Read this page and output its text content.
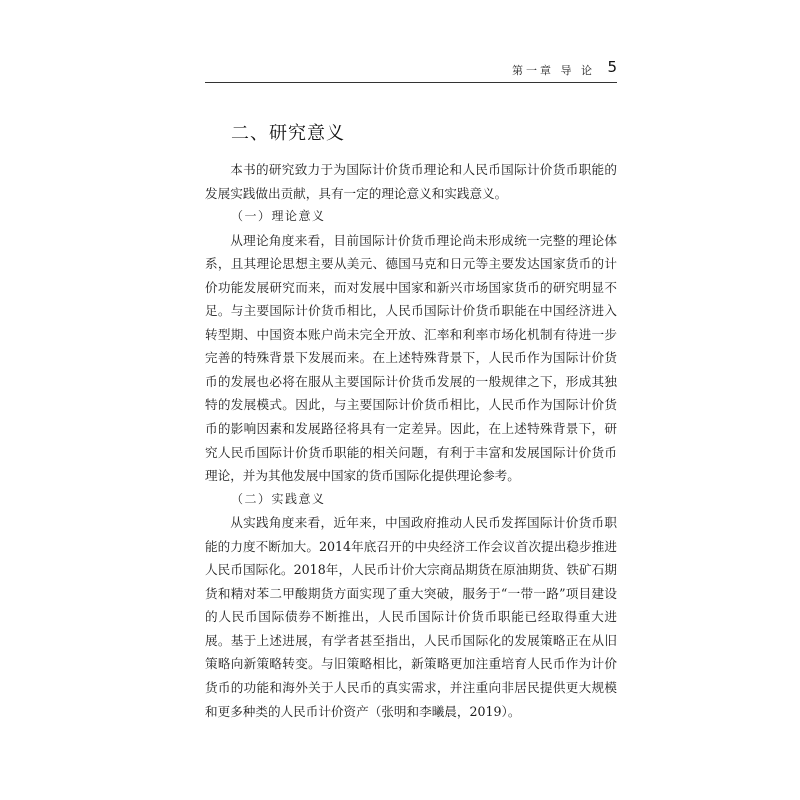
第一章 导 论 5
二、研究意义

本书的研究致力于为国际计价货币理论和人民币国际计价货币职能的发展实践做出贡献，具有一定的理论意义和实践意义。

（一）理论意义

从理论角度来看，目前国际计价货币理论尚未形成统一完整的理论体系，且其理论思想主要从美元、德国马克和日元等主要发达国家货币的计价功能发展研究而来，而对发展中国家和新兴市场国家货币的研究明显不足。与主要国际计价货币相比，人民币国际计价货币职能在中国经济进入转型期、中国资本账户尚未完全开放、汇率和利率市场化机制有待进一步完善的特殊背景下发展而来。在上述特殊背景下，人民币作为国际计价货币的发展也必将在服从主要国际计价货币发展的一般规律之下，形成其独特的发展模式。因此，与主要国际计价货币相比，人民币作为国际计价货币的影响因素和发展路径将具有一定差异。因此，在上述特殊背景下，研究人民币国际计价货币职能的相关问题，有利于丰富和发展国际计价货币理论，并为其他发展中国家的货币国际化提供理论参考。

（二）实践意义

从实践角度来看，近年来，中国政府推动人民币发挥国际计价货币职能的力度不断加大。2014年底召开的中央经济工作会议首次提出稳步推进人民币国际化。2018年，人民币计价大宗商品期货在原油期货、铁矿石期货和精对苯二甲酸期货方面实现了重大突破，服务于“一带一路”项目建设的人民币国际债券不断推出，人民币国际计价货币职能已经取得重大进展。基于上述进展，有学者甚至指出，人民币国际化的发展策略正在从旧策略向新策略转变。与旧策略相比，新策略更加注重培育人民币作为计价货币的功能和海外关于人民币的真实需求，并注重向非居民提供更大规模和更多种类的人民币计价资产（张明和李曦晨，2019）。
